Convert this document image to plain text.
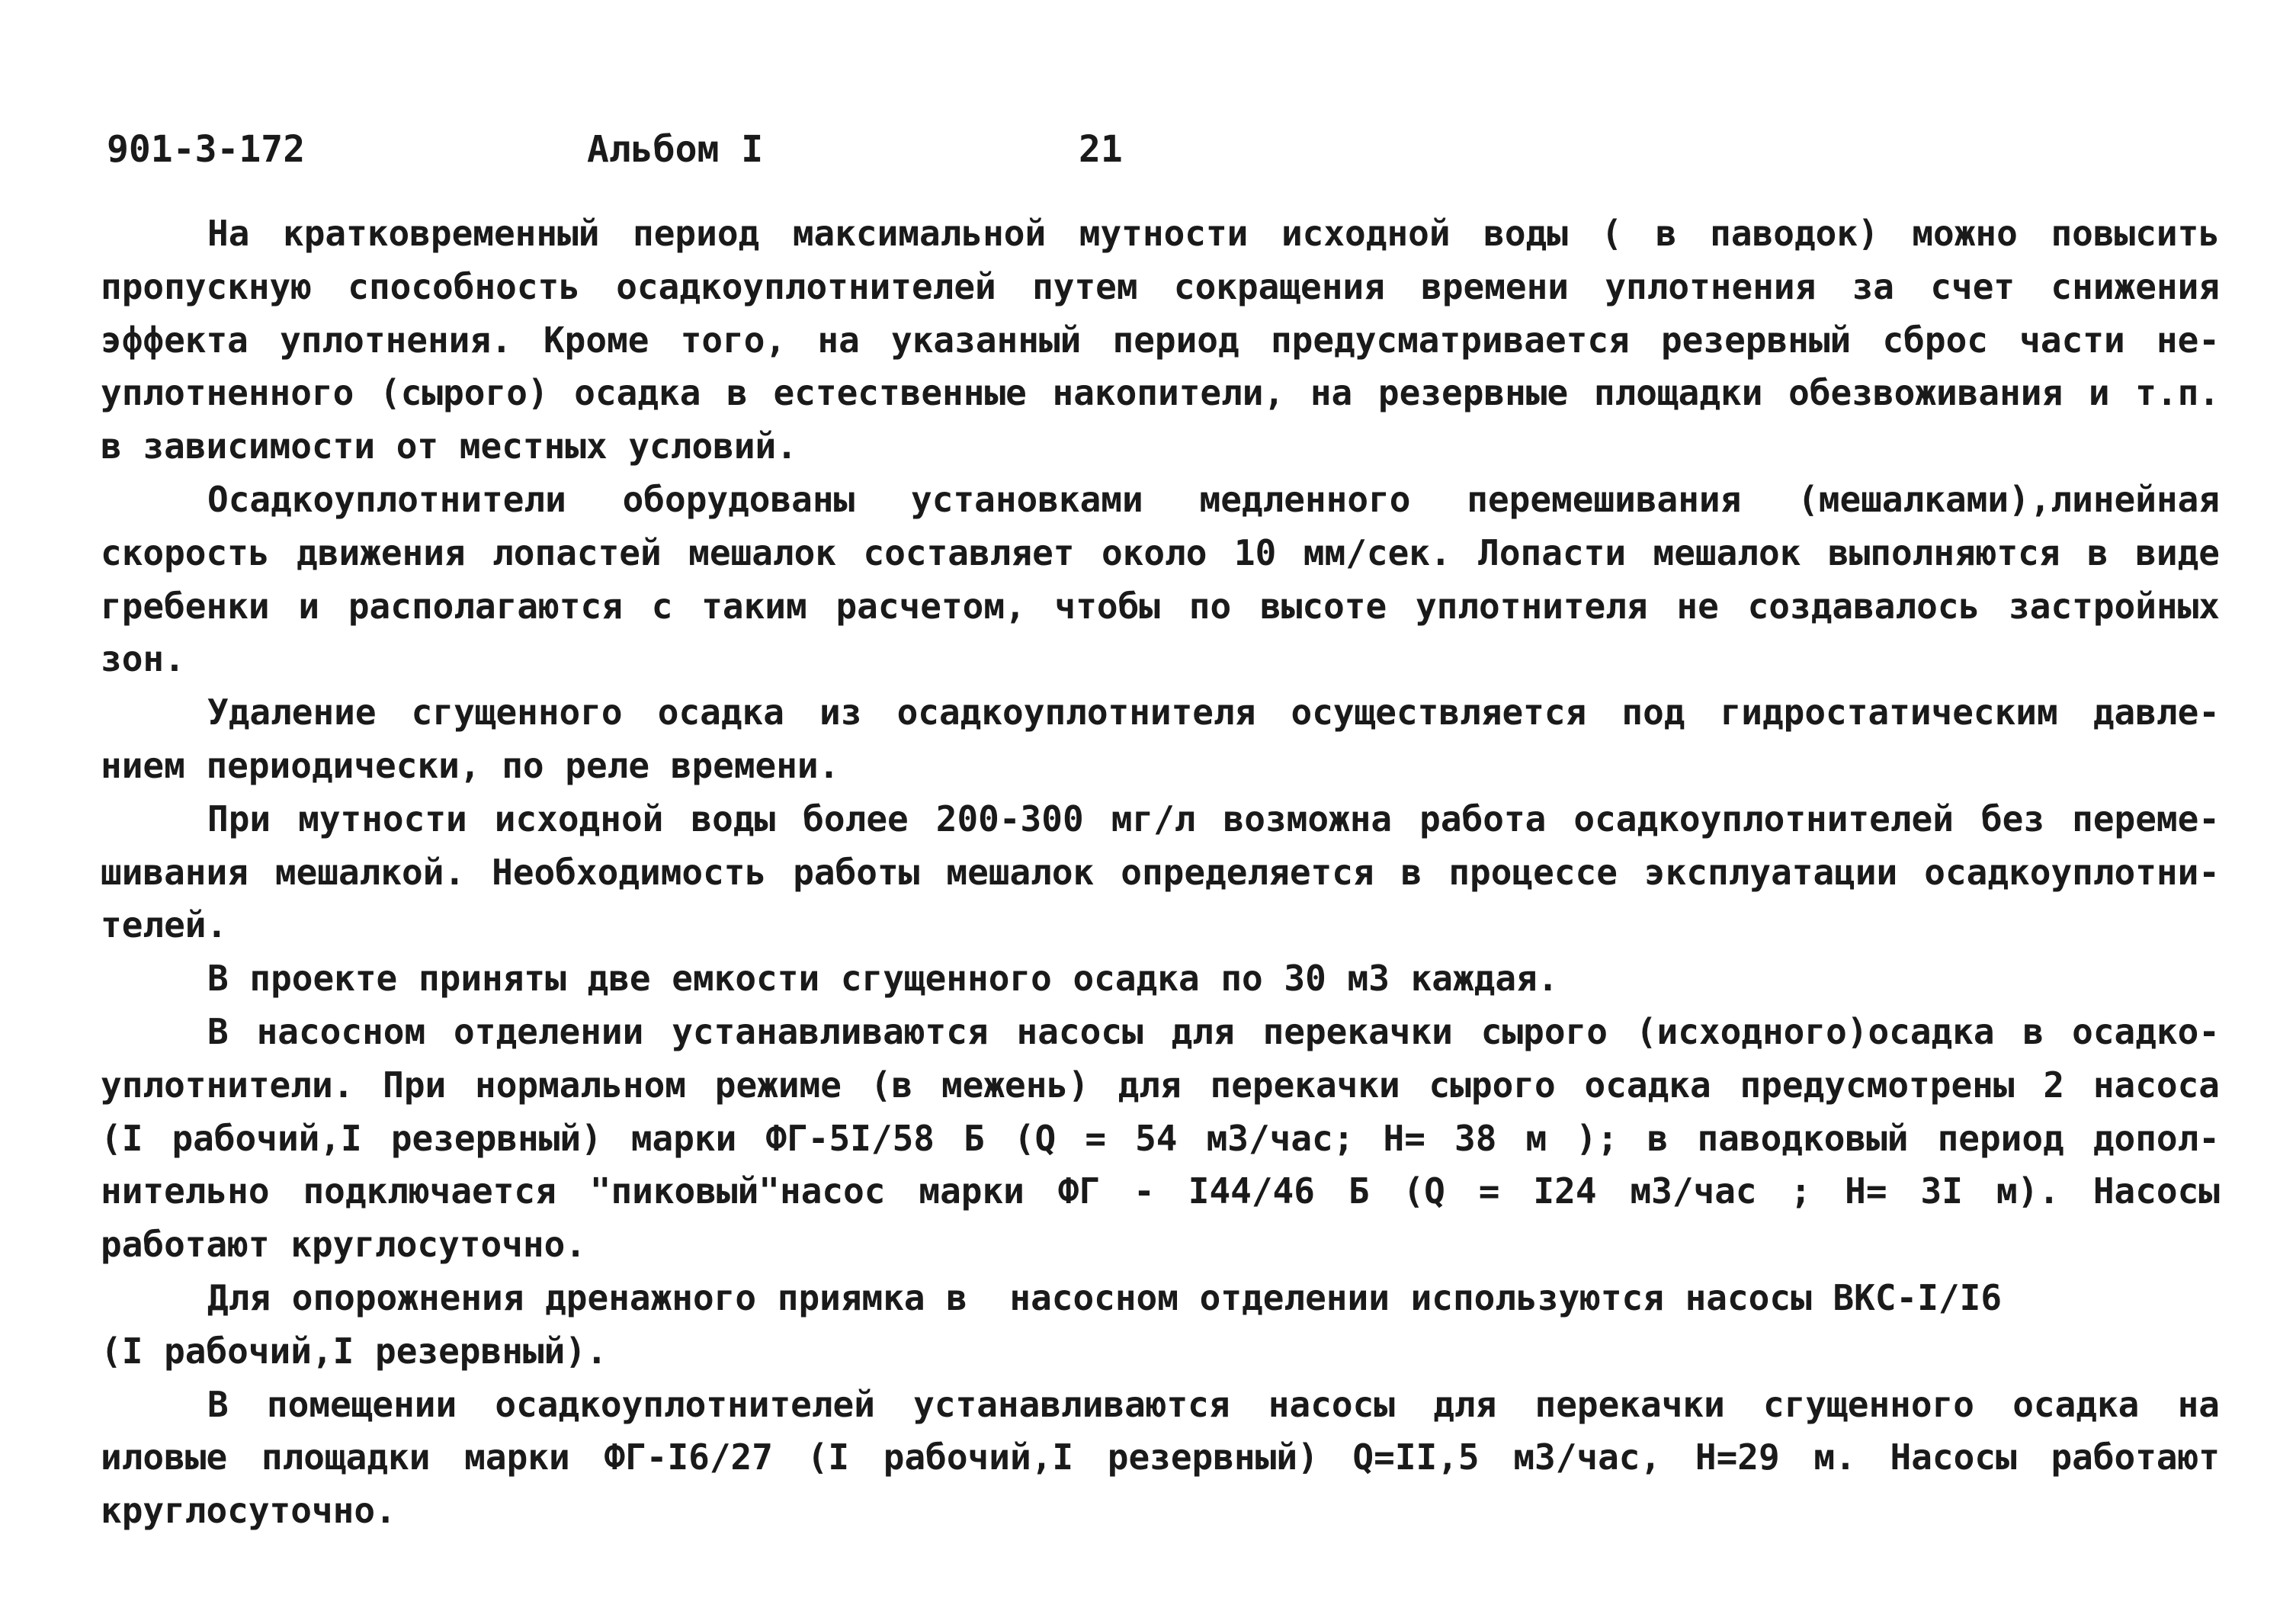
901-3-172	Альбом I	21
На кратковременный период максимальной мутности исходной воды ( в паводок) можно повысить
пропускную способность осадкоуплотнителей путем сокращения времени уплотнения за счет снижения
эффекта уплотнения. Кроме того, на указанный период предусматривается резервный сброс части не-
уплотненного (сырого) осадка в естественные накопители, на резервные площадки обезвоживания и т.п.
в зависимости от местных условий.
Осадкоуплотнители оборудованы установками медленного перемешивания (мешалками),линейная
скорость движения лопастей мешалок составляет около 10 мм/сек. Лопасти мешалок выполняются в виде
гребенки и располагаются с таким расчетом, чтобы по высоте уплотнителя не создавалось застройных
зон.
Удаление сгущенного осадка из осадкоуплотнителя осуществляется под гидростатическим давле-
нием периодически, по реле времени.
При мутности исходной воды более 200-300 мг/л возможна работа осадкоуплотнителей без переме-
шивания мешалкой. Необходимость работы мешалок определяется в процессе эксплуатации осадкоуплотни-
телей.
В проекте приняты две емкости сгущенного осадка по 30 м3 каждая.
В насосном отделении устанавливаются насосы для перекачки сырого (исходного)осадка в осадко-
уплотнители. При нормальном режиме (в межень) для перекачки сырого осадка предусмотрены 2 насоса
(I рабочий,I резервный) марки ФГ-5I/58 Б (Q = 54 м3/час; Н= 38 м ); в паводковый период допол-
нительно подключается "пиковый"насос марки ФГ - I44/46 Б (Q = I24 м3/час ; Н= 3I м). Насосы
работают круглосуточно.
Для опорожнения дренажного приямка в  насосном отделении используются насосы ВКС-I/I6
(I рабочий,I резервный).
В помещении осадкоуплотнителей устанавливаются насосы для перекачки сгущенного осадка на
иловые площадки марки ФГ-I6/27 (I рабочий,I резервный) Q=II,5 м3/час, Н=29 м. Насосы работают
круглосуточно.
